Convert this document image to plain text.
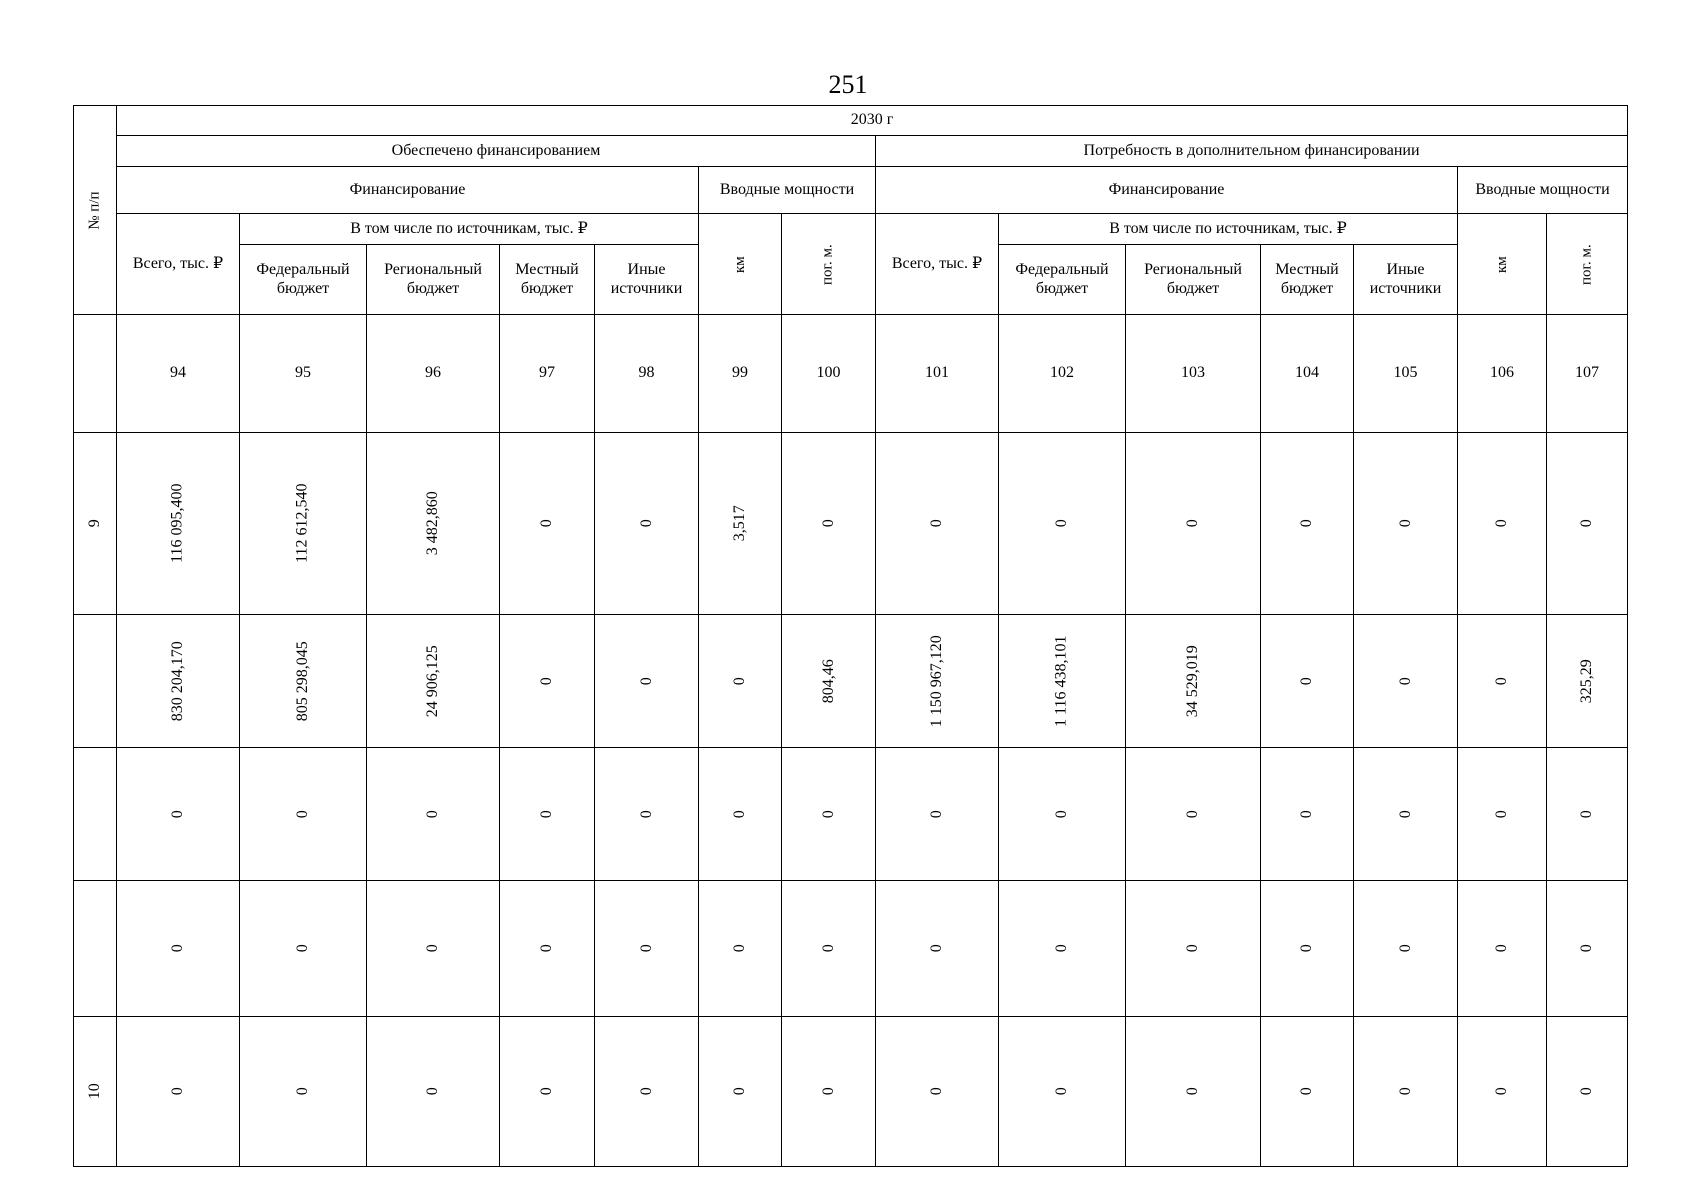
251
№ п/п	2030 г													
	Обеспечено финансированием							Потребность в дополнительном финансировании						
	Финансирование					Вводные мощности		Финансирование					Вводные мощности	
	Всего, тыс. ₽	В том числе по источникам, тыс. ₽				км	пог. м.	Всего, тыс. ₽	В том числе по источникам, тыс. ₽				км	пог. м.
		Федеральный бюджет	Региональный бюджет	Местный бюджет	Иные источники				Федеральный бюджет	Региональный бюджет	Местный бюджет	Иные источники		
	94	95	96	97	98	99	100	101	102	103	104	105	106	107
9	116 095,400	112 612,540	3 482,860	0	0	3,517	0	0	0	0	0	0	0	0
	830 204,170	805 298,045	24 906,125	0	0	0	804,46	1 150 967,120	1 116 438,101	34 529,019	0	0	0	325,29
	0	0	0	0	0	0	0	0	0	0	0	0	0	0
	0	0	0	0	0	0	0	0	0	0	0	0	0	0
10	0	0	0	0	0	0	0	0	0	0	0	0	0	0
